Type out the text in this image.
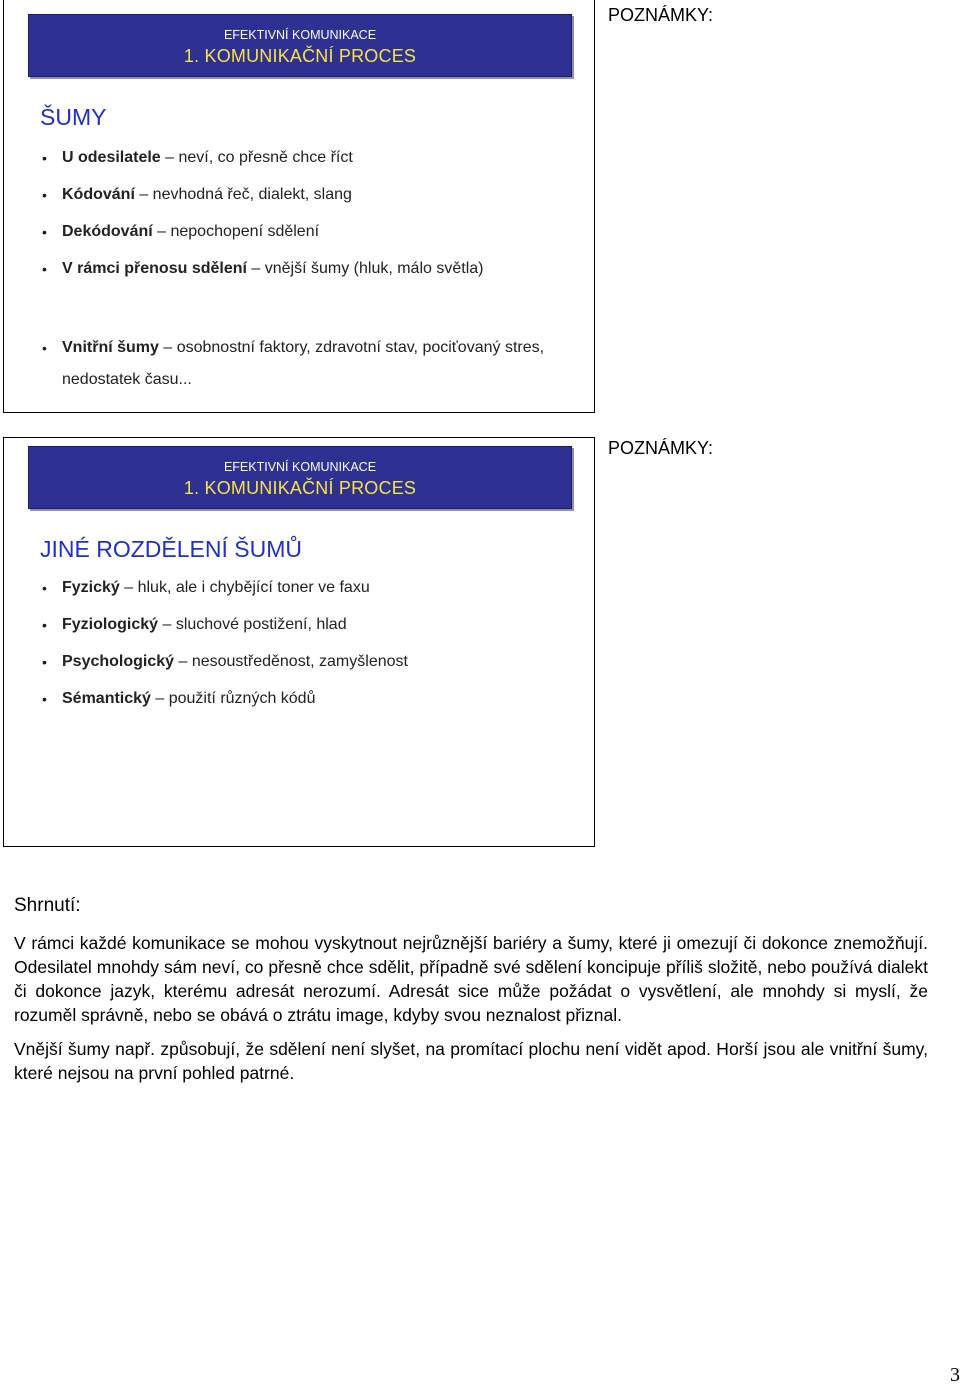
EFEKTIVNÍ KOMUNIKACE
1. KOMUNIKAČNÍ PROCES
ŠUMY
• U odesilatele – neví, co přesně chce říct
• Kódování – nevhodná řeč, dialekt, slang
• Dekódování – nepochopení sdělení
• V rámci přenosu sdělení – vnější šumy (hluk, málo světla)
• Vnitřní šumy – osobnostní faktory, zdravotní stav, pociťovaný stres, nedostatek času...
POZNÁMKY:
EFEKTIVNÍ KOMUNIKACE
1. KOMUNIKAČNÍ PROCES
JINÉ ROZDĚLENÍ ŠUMŮ
• Fyzický – hluk, ale i chybějící toner ve faxu
• Fyziologický – sluchové postižení, hlad
• Psychologický – nesoustředěnost, zamyšlenost
• Sémantický – použití různých kódů
POZNÁMKY:
Shrnutí:

V rámci každé komunikace se mohou vyskytnout nejrůznější bariéry a šumy, které ji omezují či dokonce znemožňují. Odesilatel mnohdy sám neví, co přesně chce sdělit, případně své sdělení koncipuje příliš složitě, nebo používá dialekt či dokonce jazyk, kterému adresát nerozumí. Adresát sice může požádat o vysvětlení, ale mnohdy si myslí, že rozuměl správně, nebo se obává o ztrátu image, kdyby svou neznalost přiznal.

Vnější šumy např. způsobují, že sdělení není slyšet, na promítací plochu není vidět apod. Horší jsou ale vnitřní šumy, které nejsou na první pohled patrné.

3
